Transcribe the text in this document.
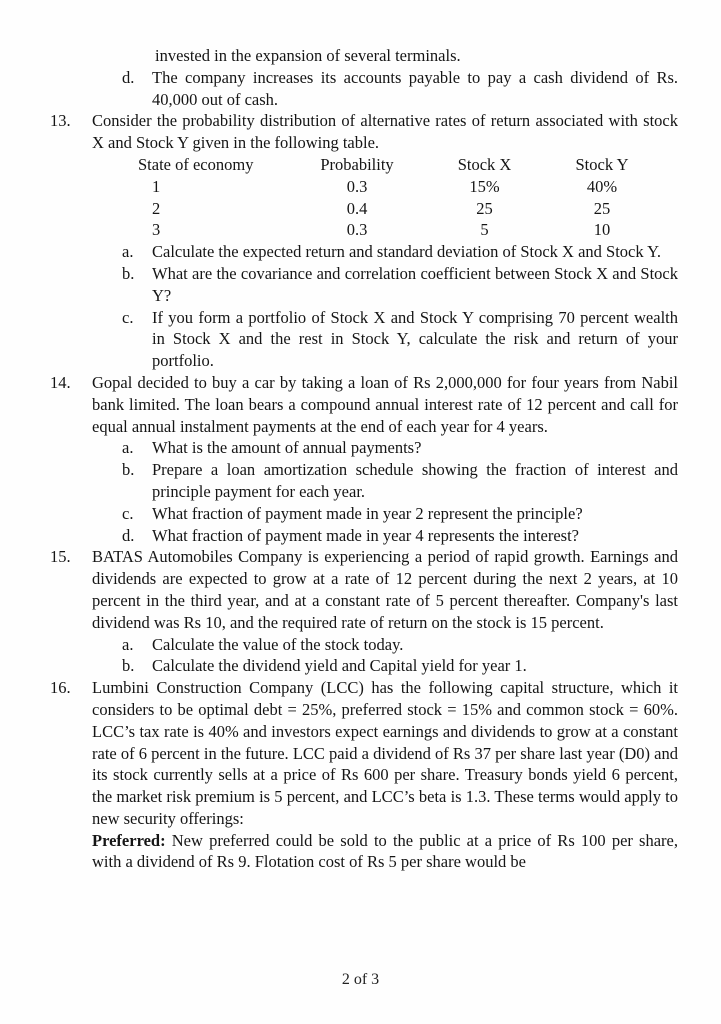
invested in the expansion of several terminals.

d.	The company increases its accounts payable to pay a cash dividend of Rs. 40,000 out of cash.
13.	Consider the probability distribution of alternative rates of return associated with stock X and Stock Y given in the following table.

State of economy	Probability	Stock X	Stock Y
1	0.3	15%	40%
2	0.4	25	25
3	0.3	5	10
a.	Calculate the expected return and standard deviation of Stock X and Stock Y.
b.	What are the covariance and correlation coefficient between Stock X and Stock Y?
c.	If you form a portfolio of Stock X and Stock Y comprising 70 percent wealth in Stock X and the rest in Stock Y, calculate the risk and return of your portfolio.
14.	Gopal decided to buy a car by taking a loan of Rs 2,000,000 for four years from Nabil bank limited. The loan bears a compound annual interest rate of 12 percent and call for equal annual instalment payments at the end of each year for 4 years.

a.	What is the amount of annual payments?
b.	Prepare a loan amortization schedule showing the fraction of interest and principle payment for each year.
c.	What fraction of payment made in year 2 represent the principle?
d.	What fraction of payment made in year 4 represents the interest?
15.	BATAS Automobiles Company is experiencing a period of rapid growth. Earnings and dividends are expected to grow at a rate of 12 percent during the next 2 years, at 10 percent in the third year, and at a constant rate of 5 percent thereafter. Company's last dividend was Rs 10, and the required rate of return on the stock is 15 percent.

a.	Calculate the value of the stock today.
b.	Calculate the dividend yield and Capital yield for year 1.
16.	Lumbini Construction Company (LCC) has the following capital structure, which it considers to be optimal debt = 25%, preferred stock = 15% and common stock = 60%. LCC’s tax rate is 40% and investors expect earnings and dividends to grow at a constant rate of 6 percent in the future. LCC paid a dividend of Rs 37 per share last year (D0) and its stock currently sells at a price of Rs 600 per share. Treasury bonds yield 6 percent, the market risk premium is 5 percent, and LCC’s beta is 1.3. These terms would apply to new security offerings:

Preferred: New preferred could be sold to the public at a price of Rs 100 per share, with a dividend of Rs 9. Flotation cost of Rs 5 per share would be

2 of 3
